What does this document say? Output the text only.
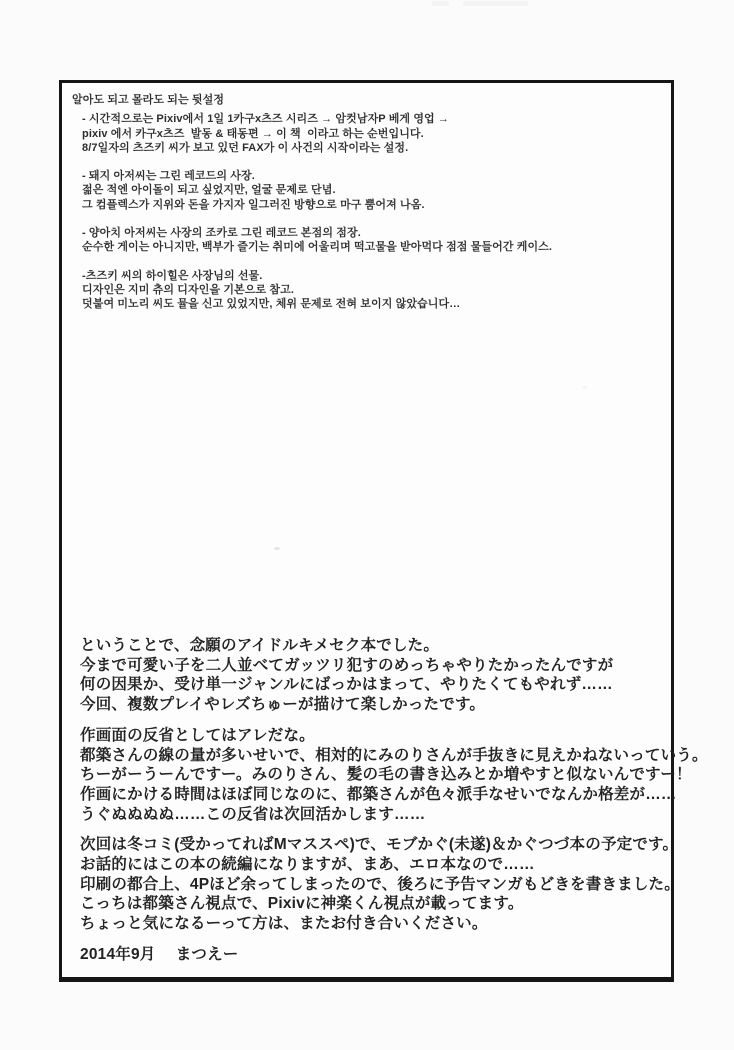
알아도 되고 몰라도 되는 뒷설정
- 시간적으로는 Pixiv에서 1일 1카구x츠즈 시리즈 → 암컷남자P 베게 영업 →
pixiv 에서 카구x츠즈  발동 & 태동편 → 이 책  이라고 하는 순번입니다.
8/7일자의 츠즈키 씨가 보고 있던 FAX가 이 사건의 시작이라는 설정.
- 돼지 아저씨는 그린 레코드의 사장.
젊은 적엔 아이돌이 되고 싶었지만, 얼굴 문제로 단념.
그 컴플렉스가 지위와 돈을 가지자 일그러진 방향으로 마구 뿜어져 나옴.
- 양아치 아저씨는 사장의 조카로 그린 레코드 본점의 점장.
순수한 게이는 아니지만, 백부가 즐기는 취미에 어울리며 떡고물을 받아먹다 점점 물들어간 케이스.
-츠즈키 씨의 하이힐은 사장님의 선물.
디자인은 지미 츄의 디자인을 기본으로 참고.
덧붙여 미노리 씨도 뮬을 신고 있었지만, 체위 문제로 전혀 보이지 않았습니다…
ということで、念願のアイドルキメセク本でした。
今まで可愛い子を二人並べてガッツリ犯すのめっちゃやりたかったんですが
何の因果か、受け単一ジャンルにばっかはまって、やりたくてもやれず……
今回、複数プレイやレズちゅーが描けて楽しかったです。
作画面の反省としてはアレだな。
都築さんの線の量が多いせいで、相対的にみのりさんが手抜きに見えかねないっていう。
ちーがーうーんですー。みのりさん、髪の毛の書き込みとか増やすと似ないんですー！
作画にかける時間はほぼ同じなのに、都築さんが色々派手なせいでなんか格差が……
うぐぬぬぬぬ……この反省は次回活かします……
次回は冬コミ(受かってればMマススペ)で、モブかぐ(未遂)＆かぐつづ本の予定です。
お話的にはこの本の続編になりますが、まあ、エロ本なので……
印刷の都合上、4Pほど余ってしまったので、後ろに予告マンガもどきを書きました。
こっちは都築さん視点で、Pixivに神楽くん視点が載ってます。
ちょっと気になるーって方は、またお付き合いください。
2014年9月　 まつえー
